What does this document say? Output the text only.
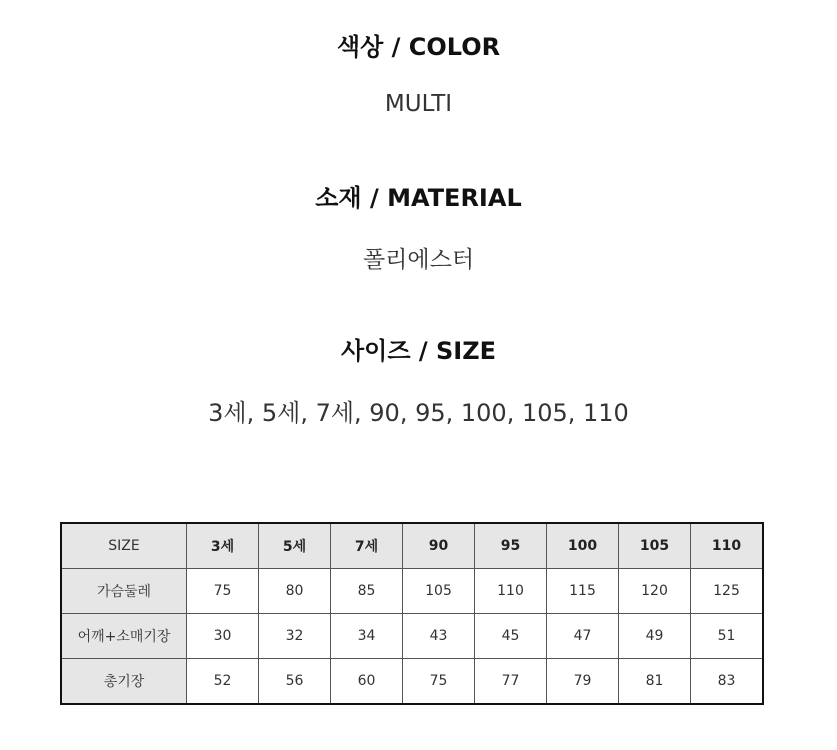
색상 / COLOR
MULTI
소재 / MATERIAL
폴리에스터
사이즈 / SIZE
3세, 5세, 7세, 90, 95, 100, 105, 110
SIZE	3세	5세	7세	90	95	100	105	110
가슴둘레	75	80	85	105	110	115	120	125
어깨+소매기장	30	32	34	43	45	47	49	51
총기장	52	56	60	75	77	79	81	83
